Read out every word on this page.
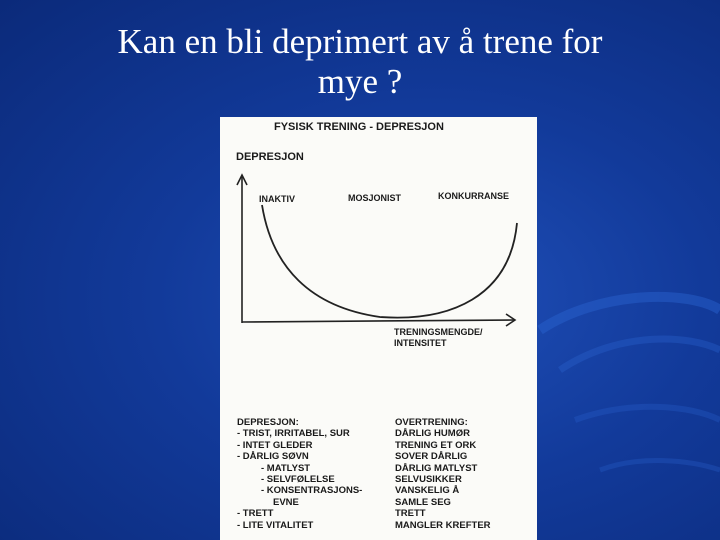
Kan en bli deprimert av å trene for
mye ?
FYSISK TRENING - DEPRESJON
DEPRESJON
INAKTIV	MOSJONIST	KONKURRANSE
TRENINGSMENGDE/
INTENSITET
DEPRESJON:
- TRIST, IRRITABEL, SUR
- INTET GLEDER
- DÅRLIG SØVN
- MATLYST
- SELVFØLELSE
- KONSENTRASJONS-
EVNE
- TRETT
- LITE VITALITET
OVERTRENING:
DÅRLIG HUMØR
TRENING ET ORK
SOVER DÅRLIG
DÅRLIG MATLYST
SELVUSIKKER
VANSKELIG Å
SAMLE SEG
TRETT
MANGLER KREFTER
